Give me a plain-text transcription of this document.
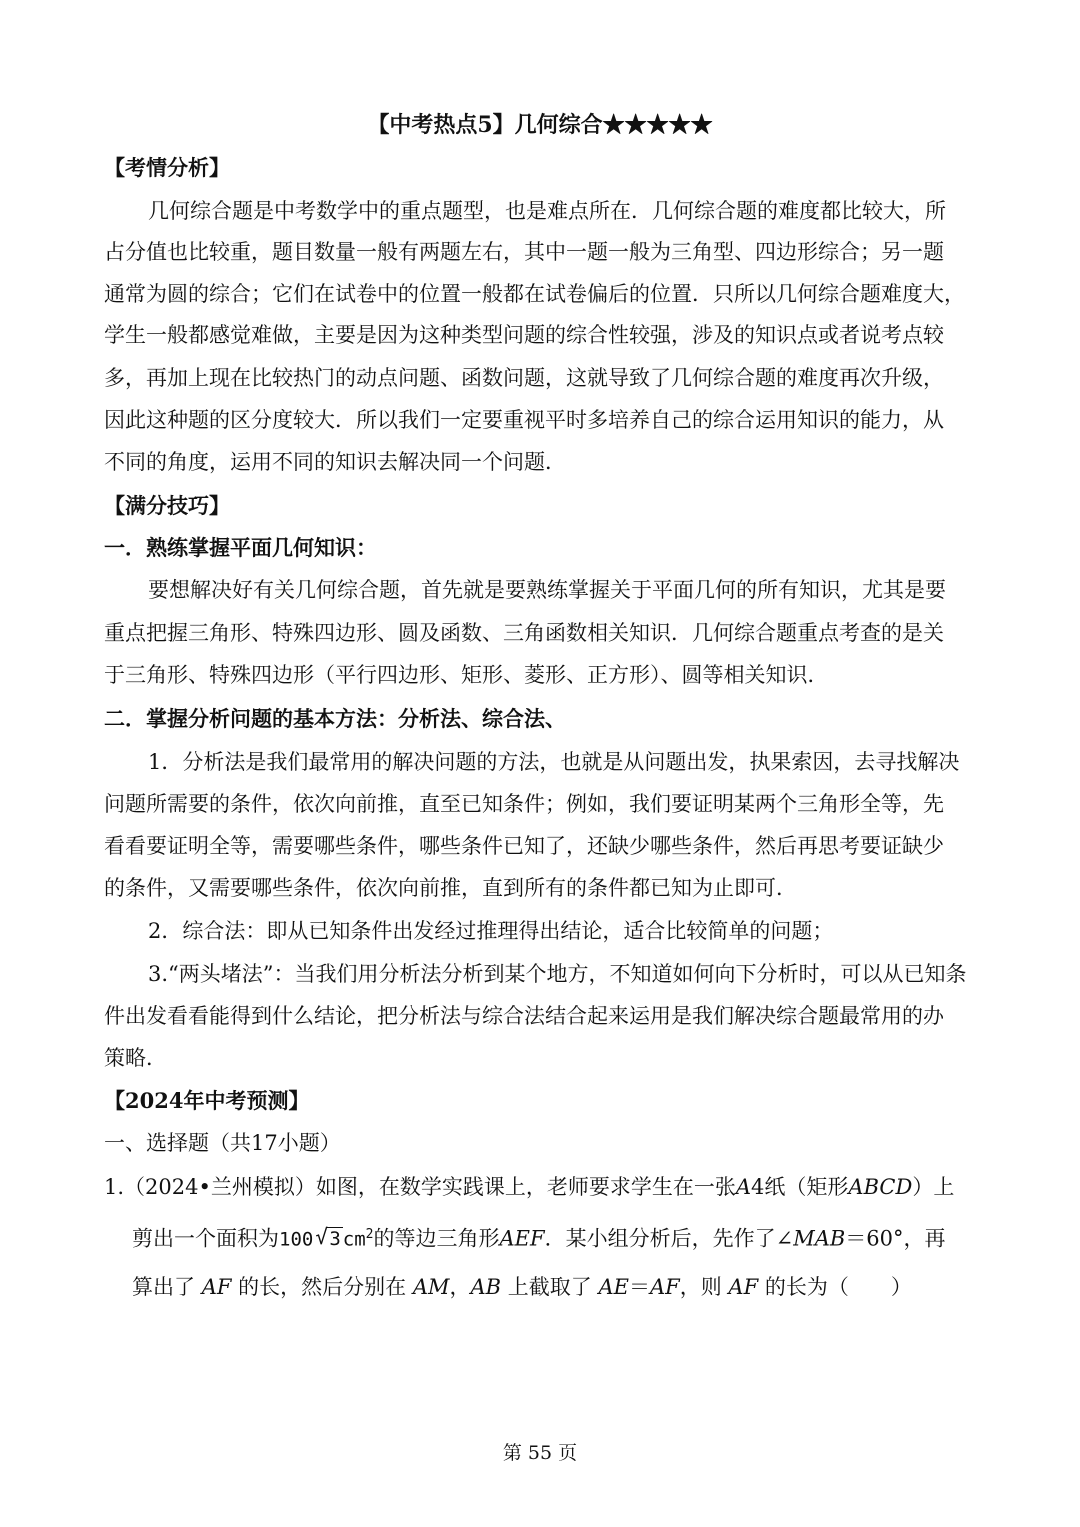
【中考热点5】几何综合★★★★★
【考情分析】
几何综合题是中考数学中的重点题型，也是难点所在．几何综合题的难度都比较大，所
占分值也比较重，题目数量一般有两题左右，其中一题一般为三角型、四边形综合；另一题
通常为圆的综合；它们在试卷中的位置一般都在试卷偏后的位置．只所以几何综合题难度大，
学生一般都感觉难做，主要是因为这种类型问题的综合性较强，涉及的知识点或者说考点较
多，再加上现在比较热门的动点问题、函数问题，这就导致了几何综合题的难度再次升级，
因此这种题的区分度较大．所以我们一定要重视平时多培养自己的综合运用知识的能力，从
不同的角度，运用不同的知识去解决同一个问题．
【满分技巧】
一．熟练掌握平面几何知识：
要想解决好有关几何综合题，首先就是要熟练掌握关于平面几何的所有知识，尤其是要
重点把握三角形、特殊四边形、圆及函数、三角函数相关知识．几何综合题重点考查的是关
于三角形、特殊四边形（平行四边形、矩形、菱形、正方形）、圆等相关知识．
二．掌握分析问题的基本方法：分析法、综合法、
1．分析法是我们最常用的解决问题的方法，也就是从问题出发，执果索因，去寻找解决
问题所需要的条件，依次向前推，直至已知条件；例如，我们要证明某两个三角形全等，先
看看要证明全等，需要哪些条件，哪些条件已知了，还缺少哪些条件，然后再思考要证缺少
的条件，又需要哪些条件，依次向前推，直到所有的条件都已知为止即可．
2．综合法：即从已知条件出发经过推理得出结论，适合比较简单的问题；
3.“两头堵法”：当我们用分析法分析到某个地方，不知道如何向下分析时，可以从已知条
件出发看看能得到什么结论，把分析法与综合法结合起来运用是我们解决综合题最常用的办
策略．
【2024年中考预测】
一、选择题（共17小题）
1.（2024•兰州模拟）如图，在数学实践课上，老师要求学生在一张A4纸（矩形ABCD）上
剪出一个面积为100√ 3 $cm^2$的等边三角形AEF．某小组分析后，先作了∠MAB＝60°，再
算出了 AF 的长，然后分别在 AM，AB 上截取了 AE＝AF，则 AF 的长为（　　）
第 55 页
